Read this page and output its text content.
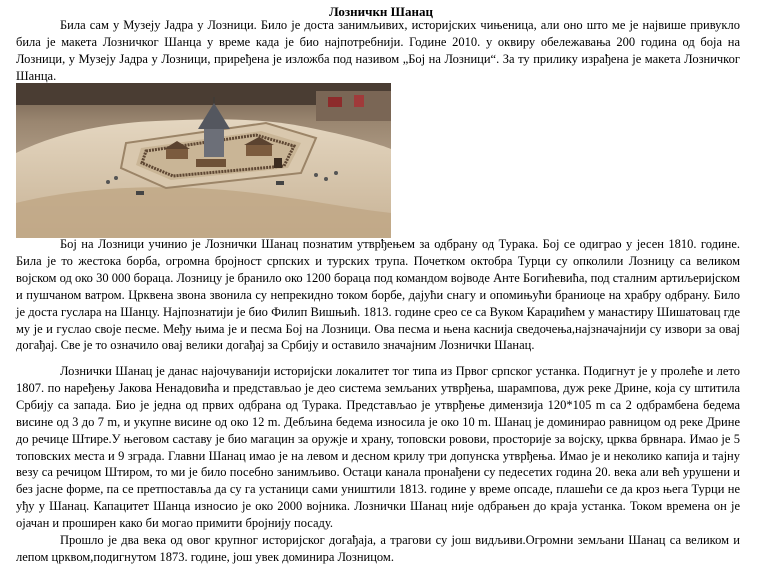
Лозничкн Шанац

Била сам у Музеју Јадра у Лозници. Било је доста занимљивих, историјских чињеница, али оно што ме је највише привукло била је макета Лозничког Шанца у време када је био најпотребнији. Године 2010. у оквиру обележавања 200 година од боја на Лозници, у Музеју Јадра у Лозници, приређена је изложба под називом „Бој на Лозници“. За ту прилику израђена је макета Лозничког Шанца.

Бој на Лозници учинио је Лознички Шанац познатим утврђењем за одбрану од Турака. Бој се одиграо у јесен 1810. године. Била је то жестока борба, огромна бројност српских и турских трупа. Почетком октобра Турци су опколили Лозницу са великом војском од око 30 000 бораца. Лозницу је бранило око 1200 бораца под командом војводе Анте Богићевића, под сталним артиљеријском и пушчаном ватром. Црквена звона звонила су непрекидно током борбе, дајући снагу и опомињући браниоце на храбру одбрану. Било је доста гуслара на Шанцу. Најпознатији је био Филип Вишњић. 1813. године срео се са Вуком Караџићем у манастиру Шишатовац где му је и гуслао своје песме. Међу њима је и песма Бој на Лозници. Ова песма и њена каснија сведочења,најзначајнији су извори за овај догађај. Све је то означило овај велики догађај за Србију и оставило значајним Лознички Шанац.

Лознички Шанац је данас најочуванији историјски локалитет тог типа из Првог српског устанка. Подигнут је у пролеће и лето 1807. по наређењу Јакова Ненадовића и представљао је део система земљаних утврђења, шарампова, дуж реке Дрине, која су штитила Србију са запада. Био је једна од првих одбрана од Турака. Представљао је утврђење димензија 120*105 m са 2 одбрамбена бедема висине од 3 до 7 m, и укупне висине од око 12 m. Дебљина бедема износила је око 10 m. Шанац је доминирао равницом од реке Дрине до речице Штире.У његовом саставу је био магацин за оружје и храну, топовски ровови, просторије за војску, црква брвнара. Имао је 5 топовских места и 9 зграда. Главни Шанац имао је на левом и десном крилу три допунска утврђења. Имао је и неколико капија и тајну везу са речицом Штиром, то ми је било посебно занимљиво. Остаци канала пронађени су педесетих година 20. века али већ урушени и без јасне форме, па се претпоставља да су га устаници сами уништили 1813. године у време опсаде, плашећи се да кроз њега Турци не уђу у Шанац. Капацитет Шанца износио је око 2000 војника. Лознички Шанац није одбрањен до краја устанка. Током времена он је ојачан и проширен како би могао примити бројнију посаду.

Прошло је два века од овог крупног историјског догађаја, а трагови су још видљиви.Огромни земљани Шанац са великом и лепом црквом,подигнутом 1873. године, још увек доминира Лозницом.
